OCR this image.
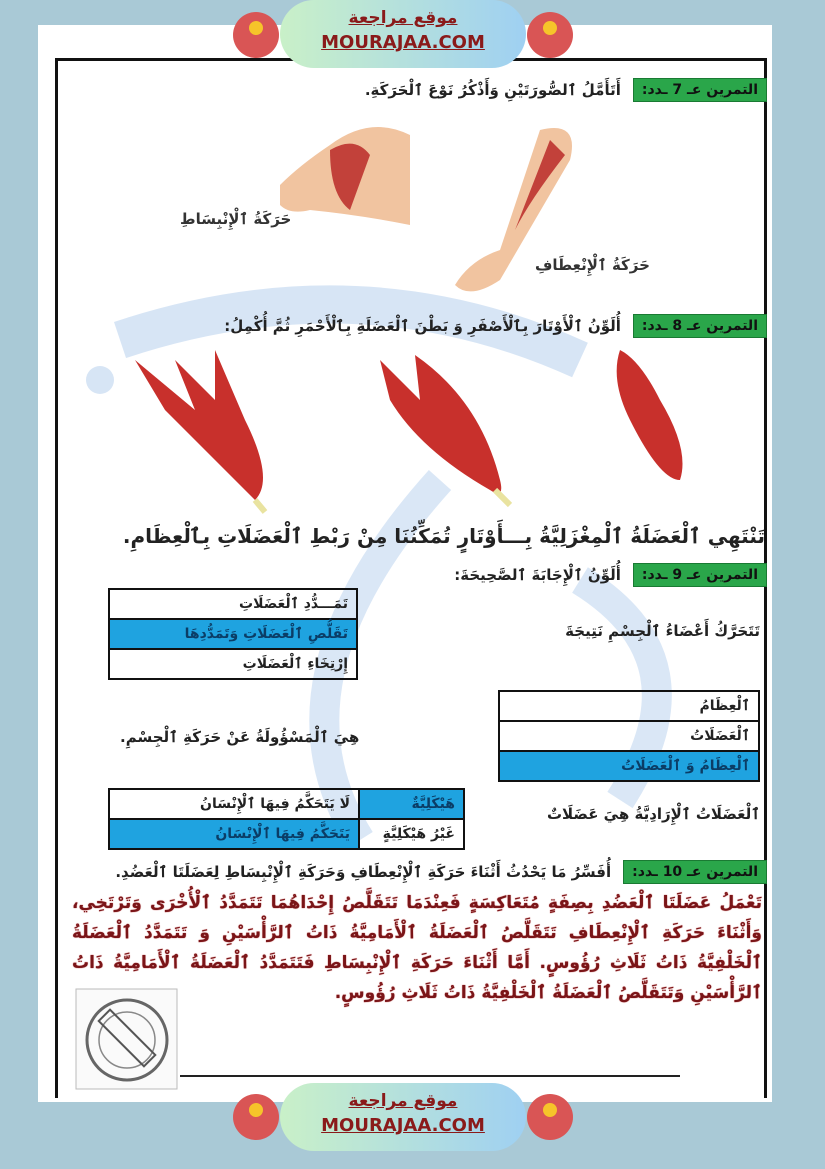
موقع مراجعة
MOURAJAA.COM
التمرين عـ 7 ـدد:
أَتَأَمَّلُ ٱلصُّورَتَيْنِ وَأَذْكُرُ نَوْعَ ٱلْحَرَكَةِ.
حَرَكَةُ ٱلْإِنْبِسَاطِ
حَرَكَةُ ٱلْإِنْعِطَافِ
التمرين عـ 8 ـدد:
أُلَوِّنُ ٱلْأَوْتَارَ بِٱلْأَصْفَرِ وَ بَطْنَ ٱلْعَضَلَةِ بِٱلْأَحْمَرِ ثُمَّ أُكْمِلُ:
تَنْتَهِي ٱلْعَضَلَةُ ٱلْمِغْزَلِيَّةُ بِـــأَوْتَارٍ تُمَكِّنُنَا مِنْ رَبْطِ ٱلْعَضَلَاتِ بِٱلْعِظَامِ.
التمرين عـ 9 ـدد:
أُلَوِّنُ ٱلْإِجَابَةَ ٱلصَّحِيحَةَ:
تَمَـــدُّدِ ٱلْعَضَلَاتِ
تَقَلُّصِ ٱلْعَضَلَاتِ وَتَمَدُّدِهَا
إِرْتِخَاءِ ٱلْعَضَلَاتِ
تَتَحَرَّكُ أَعْضَاءُ ٱلْجِسْمِ نَتِيجَةَ
ٱلْعِظَامُ
ٱلْعَضَلَاتُ
ٱلْعِظَامُ وَ ٱلْعَضَلَاتُ
هِيَ ٱلْمَسْؤُولَةُ عَنْ حَرَكَةِ ٱلْجِسْمِ.
هَيْكَلِيَّةٌ	لَا يَتَحَكَّمُ فِيهَا ٱلْإِنْسَانُ
غَيْرُ هَيْكَلِيَّةٍ	يَتَحَكَّمُ فِيهَا ٱلْإِنْسَانُ
ٱلْعَضَلَاتُ ٱلْإِرَادِيَّةُ هِيَ عَضَلَاتٌ
التمرين عـ 10 ـدد:
أُفَسِّرُ مَا يَحْدُثُ أَثْنَاءَ حَرَكَةِ ٱلْإِنْعِطَافِ وَحَرَكَةِ ٱلْإِنْبِسَاطِ لِعَضَلَتَا ٱلْعَضُدِ.
تَعْمَلُ عَضَلَتَا ٱلْعَضُدِ بِصِفَةٍ مُتَعَاكِسَةٍ فَعِنْدَمَا تَتَقَلَّصُ إِحْدَاهُمَا تَتَمَدَّدُ ٱلْأُخْرَى وَتَرْتَخِي، وَأَثْنَاءَ حَرَكَةِ ٱلْإِنْعِطَافِ تَتَقَلَّصُ ٱلْعَضَلَةُ ٱلْأَمَامِيَّةُ ذَاتُ ٱلرَّأْسَيْنِ وَ تَتَمَدَّدُ ٱلْعَضَلَةُ ٱلْخَلْفِيَّةُ ذَاتُ ثَلَاثِ رُؤُوسٍ. أَمَّا أَثْنَاءَ حَرَكَةِ ٱلْإِنْبِسَاطِ فَتَتَمَدَّدُ ٱلْعَضَلَةُ ٱلْأَمَامِيَّةُ ذَاتُ ٱلرَّأْسَيْنِ وَتَتَقَلَّصُ ٱلْعَضَلَةُ ٱلْخَلْفِيَّةُ ذَاتُ ثَلَاثِ رُؤُوسٍ.
موقع مراجعة
MOURAJAA.COM
